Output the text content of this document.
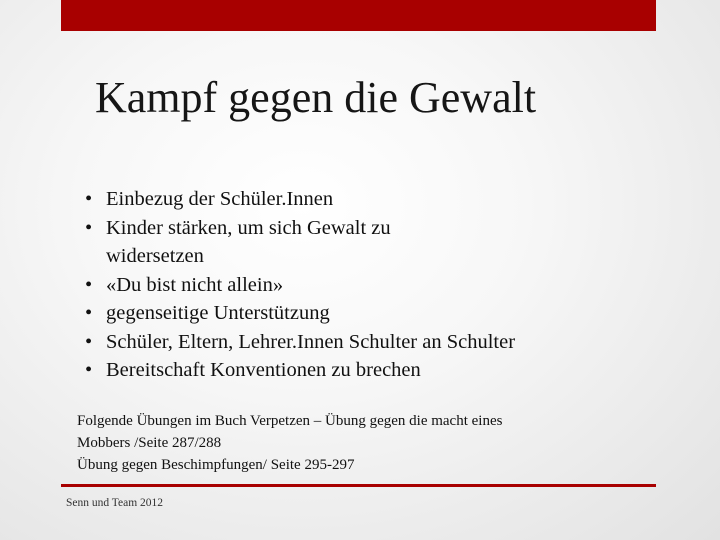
Kampf gegen die Gewalt
• Einbezug der Schüler.Innen
• Kinder stärken, um sich Gewalt zu widersetzen
• «Du bist nicht allein»
• gegenseitige Unterstützung
• Schüler, Eltern, Lehrer.Innen Schulter an Schulter
• Bereitschaft Konventionen zu brechen
Folgende Übungen im Buch Verpetzen – Übung gegen die macht eines
Mobbers /Seite 287/288
Übung gegen Beschimpfungen/ Seite 295-297
Senn und Team 2012
